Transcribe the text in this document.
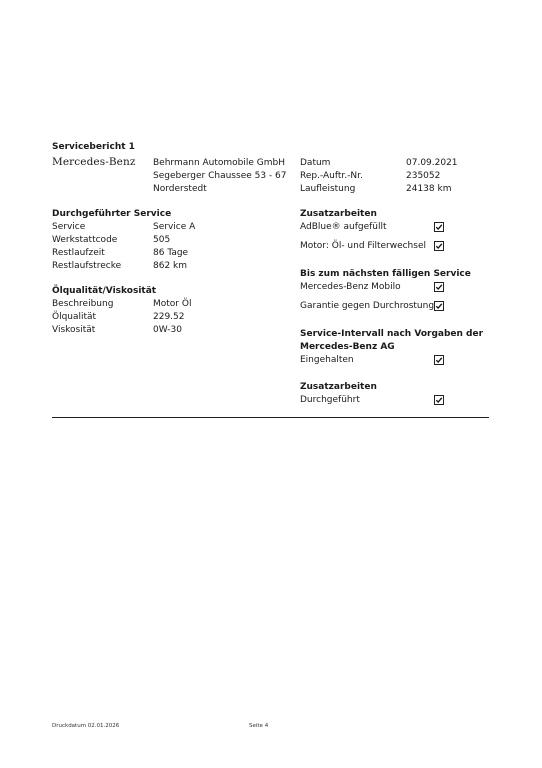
Servicebericht 1
Mercedes-Benz Behrmann Automobile GmbH
Segeberger Chaussee 53 - 67
Norderstedt
Datum	07.09.2021
Rep.-Auftr.-Nr.	235052
Laufleistung	24138 km
Durchgeführter Service
Service	Service A
Werkstattcode	505
Restlaufzeit	86 Tage
Restlaufstrecke	862 km
Ölqualität/Viskosität
Beschreibung	Motor Öl
Ölqualität	229.52
Viskosität	0W-30
Zusatzarbeiten
AdBlue® aufgefüllt
Motor: Öl- und Filterwechsel
Bis zum nächsten fälligen Service
Mercedes-Benz Mobilo
Garantie gegen Durchrostung
Service-Intervall nach Vorgaben der
Mercedes-Benz AG
Eingehalten
Zusatzarbeiten
Durchgeführt
Druckdatum 02.01.2026	Seite 4
